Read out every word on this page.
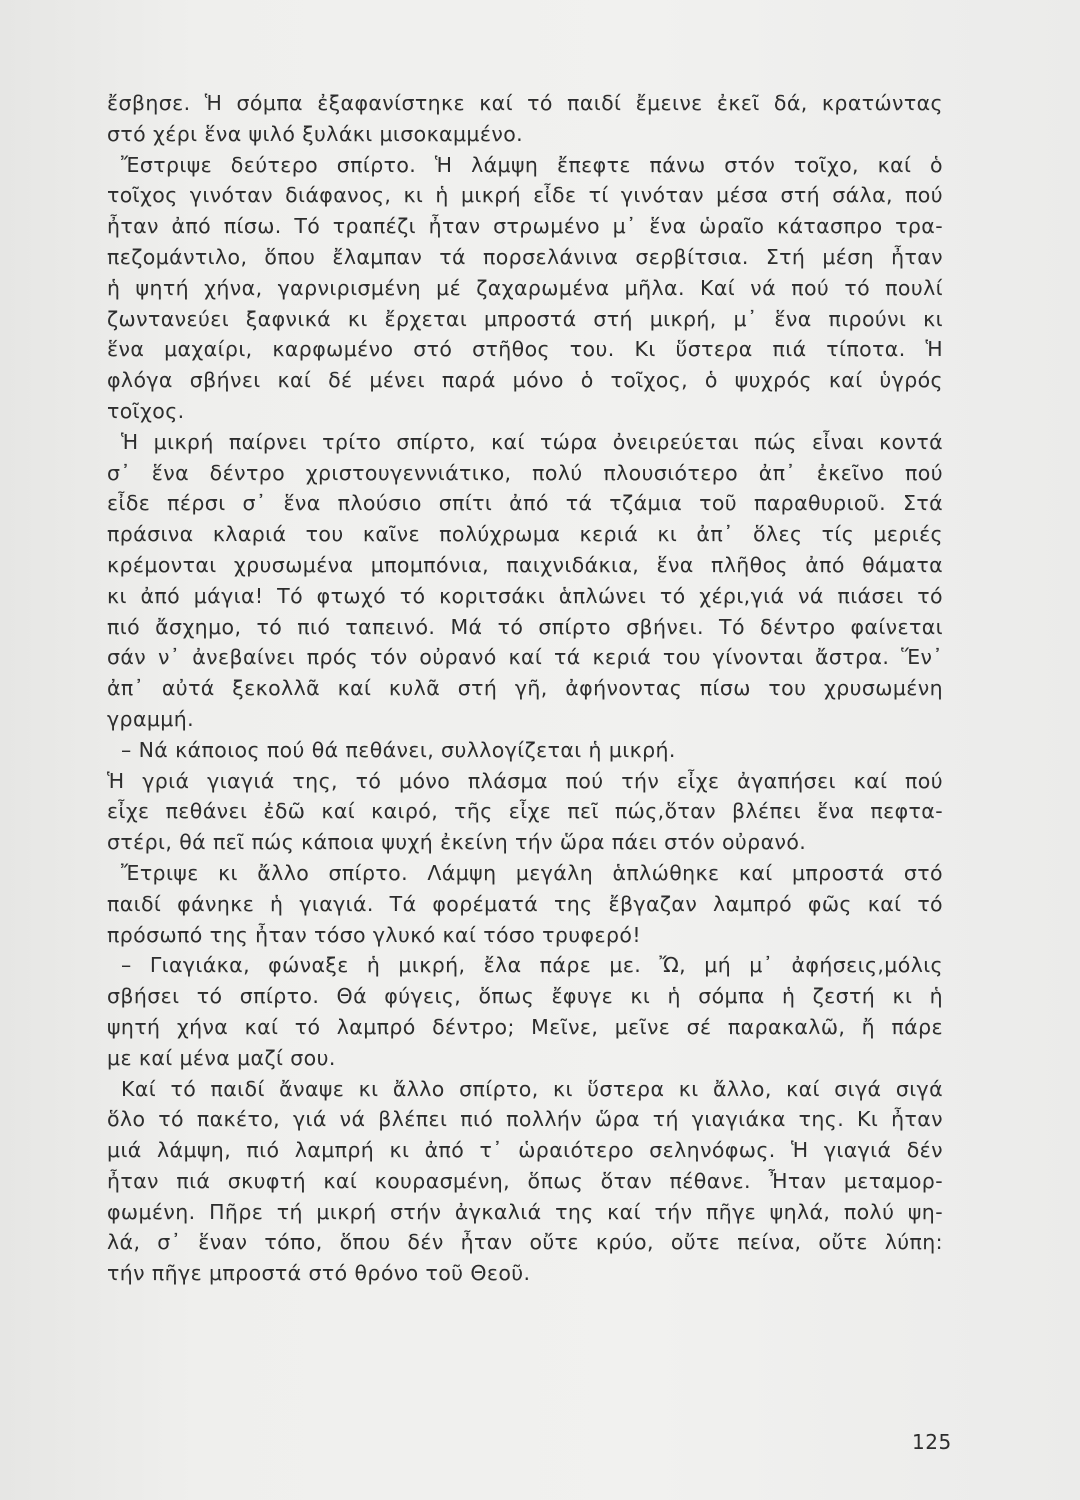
ἔσβησε. Ἡ σόμπα ἐξαφανίστηκε καί τό παιδί ἔμεινε ἐκεῖ δά, κρατώντας
στό χέρι ἕνα ψιλό ξυλάκι μισοκαμμένο.
Ἔστριψε δεύτερο σπίρτο. Ἡ λάμψη ἔπεφτε πάνω στόν τοῖχο, καί ὁ
τοῖχος γινόταν διάφανος, κι ἡ μικρή εἶδε τί γινόταν μέσα στή σάλα, πού
ἦταν ἀπό πίσω. Τό τραπέζι ἦταν στρωμένο μ᾿ ἕνα ὡραῖο κάτασπρο τρα-
πεζομάντιλο, ὅπου ἔλαμπαν τά πορσελάνινα σερβίτσια. Στή μέση ἦταν
ἡ ψητή χήνα, γαρνιρισμένη μέ ζαχαρωμένα μῆλα. Καί νά πού τό πουλί
ζωντανεύει ξαφνικά κι ἔρχεται μπροστά στή μικρή, μ᾿ ἕνα πιρούνι κι
ἕνα μαχαίρι, καρφωμένο στό στῆθος του. Κι ὕστερα πιά τίποτα. Ἡ
φλόγα σβήνει καί δέ μένει παρά μόνο ὁ τοῖχος, ὁ ψυχρός καί ὑγρός
τοῖχος.
Ἡ μικρή παίρνει τρίτο σπίρτο, καί τώρα ὀνειρεύεται πώς εἶναι κοντά
σ᾿ ἕνα δέντρο χριστουγεννιάτικο, πολύ πλουσιότερο ἀπ᾿ ἐκεῖνο πού
εἶδε πέρσι σ᾿ ἕνα πλούσιο σπίτι ἀπό τά τζάμια τοῦ παραθυριοῦ. Στά
πράσινα κλαριά του καῖνε πολύχρωμα κεριά κι ἀπ᾿ ὅλες τίς μεριές
κρέμονται χρυσωμένα μπομπόνια, παιχνιδάκια, ἕνα πλῆθος ἀπό θάματα
κι ἀπό μάγια! Τό φτωχό τό κοριτσάκι ἁπλώνει τό χέρι,γιά νά πιάσει τό
πιό ἄσχημο, τό πιό ταπεινό. Μά τό σπίρτο σβήνει. Τό δέντρο φαίνεται
σάν ν᾿ ἀνεβαίνει πρός τόν οὐρανό καί τά κεριά του γίνονται ἄστρα. Ἕν᾿
ἀπ᾿ αὐτά ξεκολλᾶ καί κυλᾶ στή γῆ, ἀφήνοντας πίσω του χρυσωμένη
γραμμή.
– Νά κάποιος πού θά πεθάνει, συλλογίζεται ἡ μικρή.
Ἡ γριά γιαγιά της, τό μόνο πλάσμα πού τήν εἶχε ἀγαπήσει καί πού
εἶχε πεθάνει ἐδῶ καί καιρό, τῆς εἶχε πεῖ πώς,ὅταν βλέπει ἕνα πεφτα-
στέρι, θά πεῖ πώς κάποια ψυχή ἐκείνη τήν ὥρα πάει στόν οὐρανό.
Ἔτριψε κι ἄλλο σπίρτο. Λάμψη μεγάλη ἁπλώθηκε καί μπροστά στό
παιδί φάνηκε ἡ γιαγιά. Τά φορέματά της ἔβγαζαν λαμπρό φῶς καί τό
πρόσωπό της ἦταν τόσο γλυκό καί τόσο τρυφερό!
– Γιαγιάκα, φώναξε ἡ μικρή, ἔλα πάρε με. Ὤ, μή μ᾿ ἀφήσεις,μόλις
σβήσει τό σπίρτο. Θά φύγεις, ὅπως ἔφυγε κι ἡ σόμπα ἡ ζεστή κι ἡ
ψητή χήνα καί τό λαμπρό δέντρο; Μεῖνε, μεῖνε σέ παρακαλῶ, ἤ πάρε
με καί μένα μαζί σου.
Καί τό παιδί ἄναψε κι ἄλλο σπίρτο, κι ὕστερα κι ἄλλο, καί σιγά σιγά
ὅλο τό πακέτο, γιά νά βλέπει πιό πολλήν ὥρα τή γιαγιάκα της. Κι ἦταν
μιά λάμψη, πιό λαμπρή κι ἀπό τ᾿ ὡραιότερο σεληνόφως. Ἡ γιαγιά δέν
ἦταν πιά σκυφτή καί κουρασμένη, ὅπως ὅταν πέθανε. Ἦταν μεταμορ-
φωμένη. Πῆρε τή μικρή στήν ἀγκαλιά της καί τήν πῆγε ψηλά, πολύ ψη-
λά, σ᾿ ἕναν τόπο, ὅπου δέν ἦταν οὔτε κρύο, οὔτε πείνα, οὔτε λύπη:
τήν πῆγε μπροστά στό θρόνο τοῦ Θεοῦ.
125
